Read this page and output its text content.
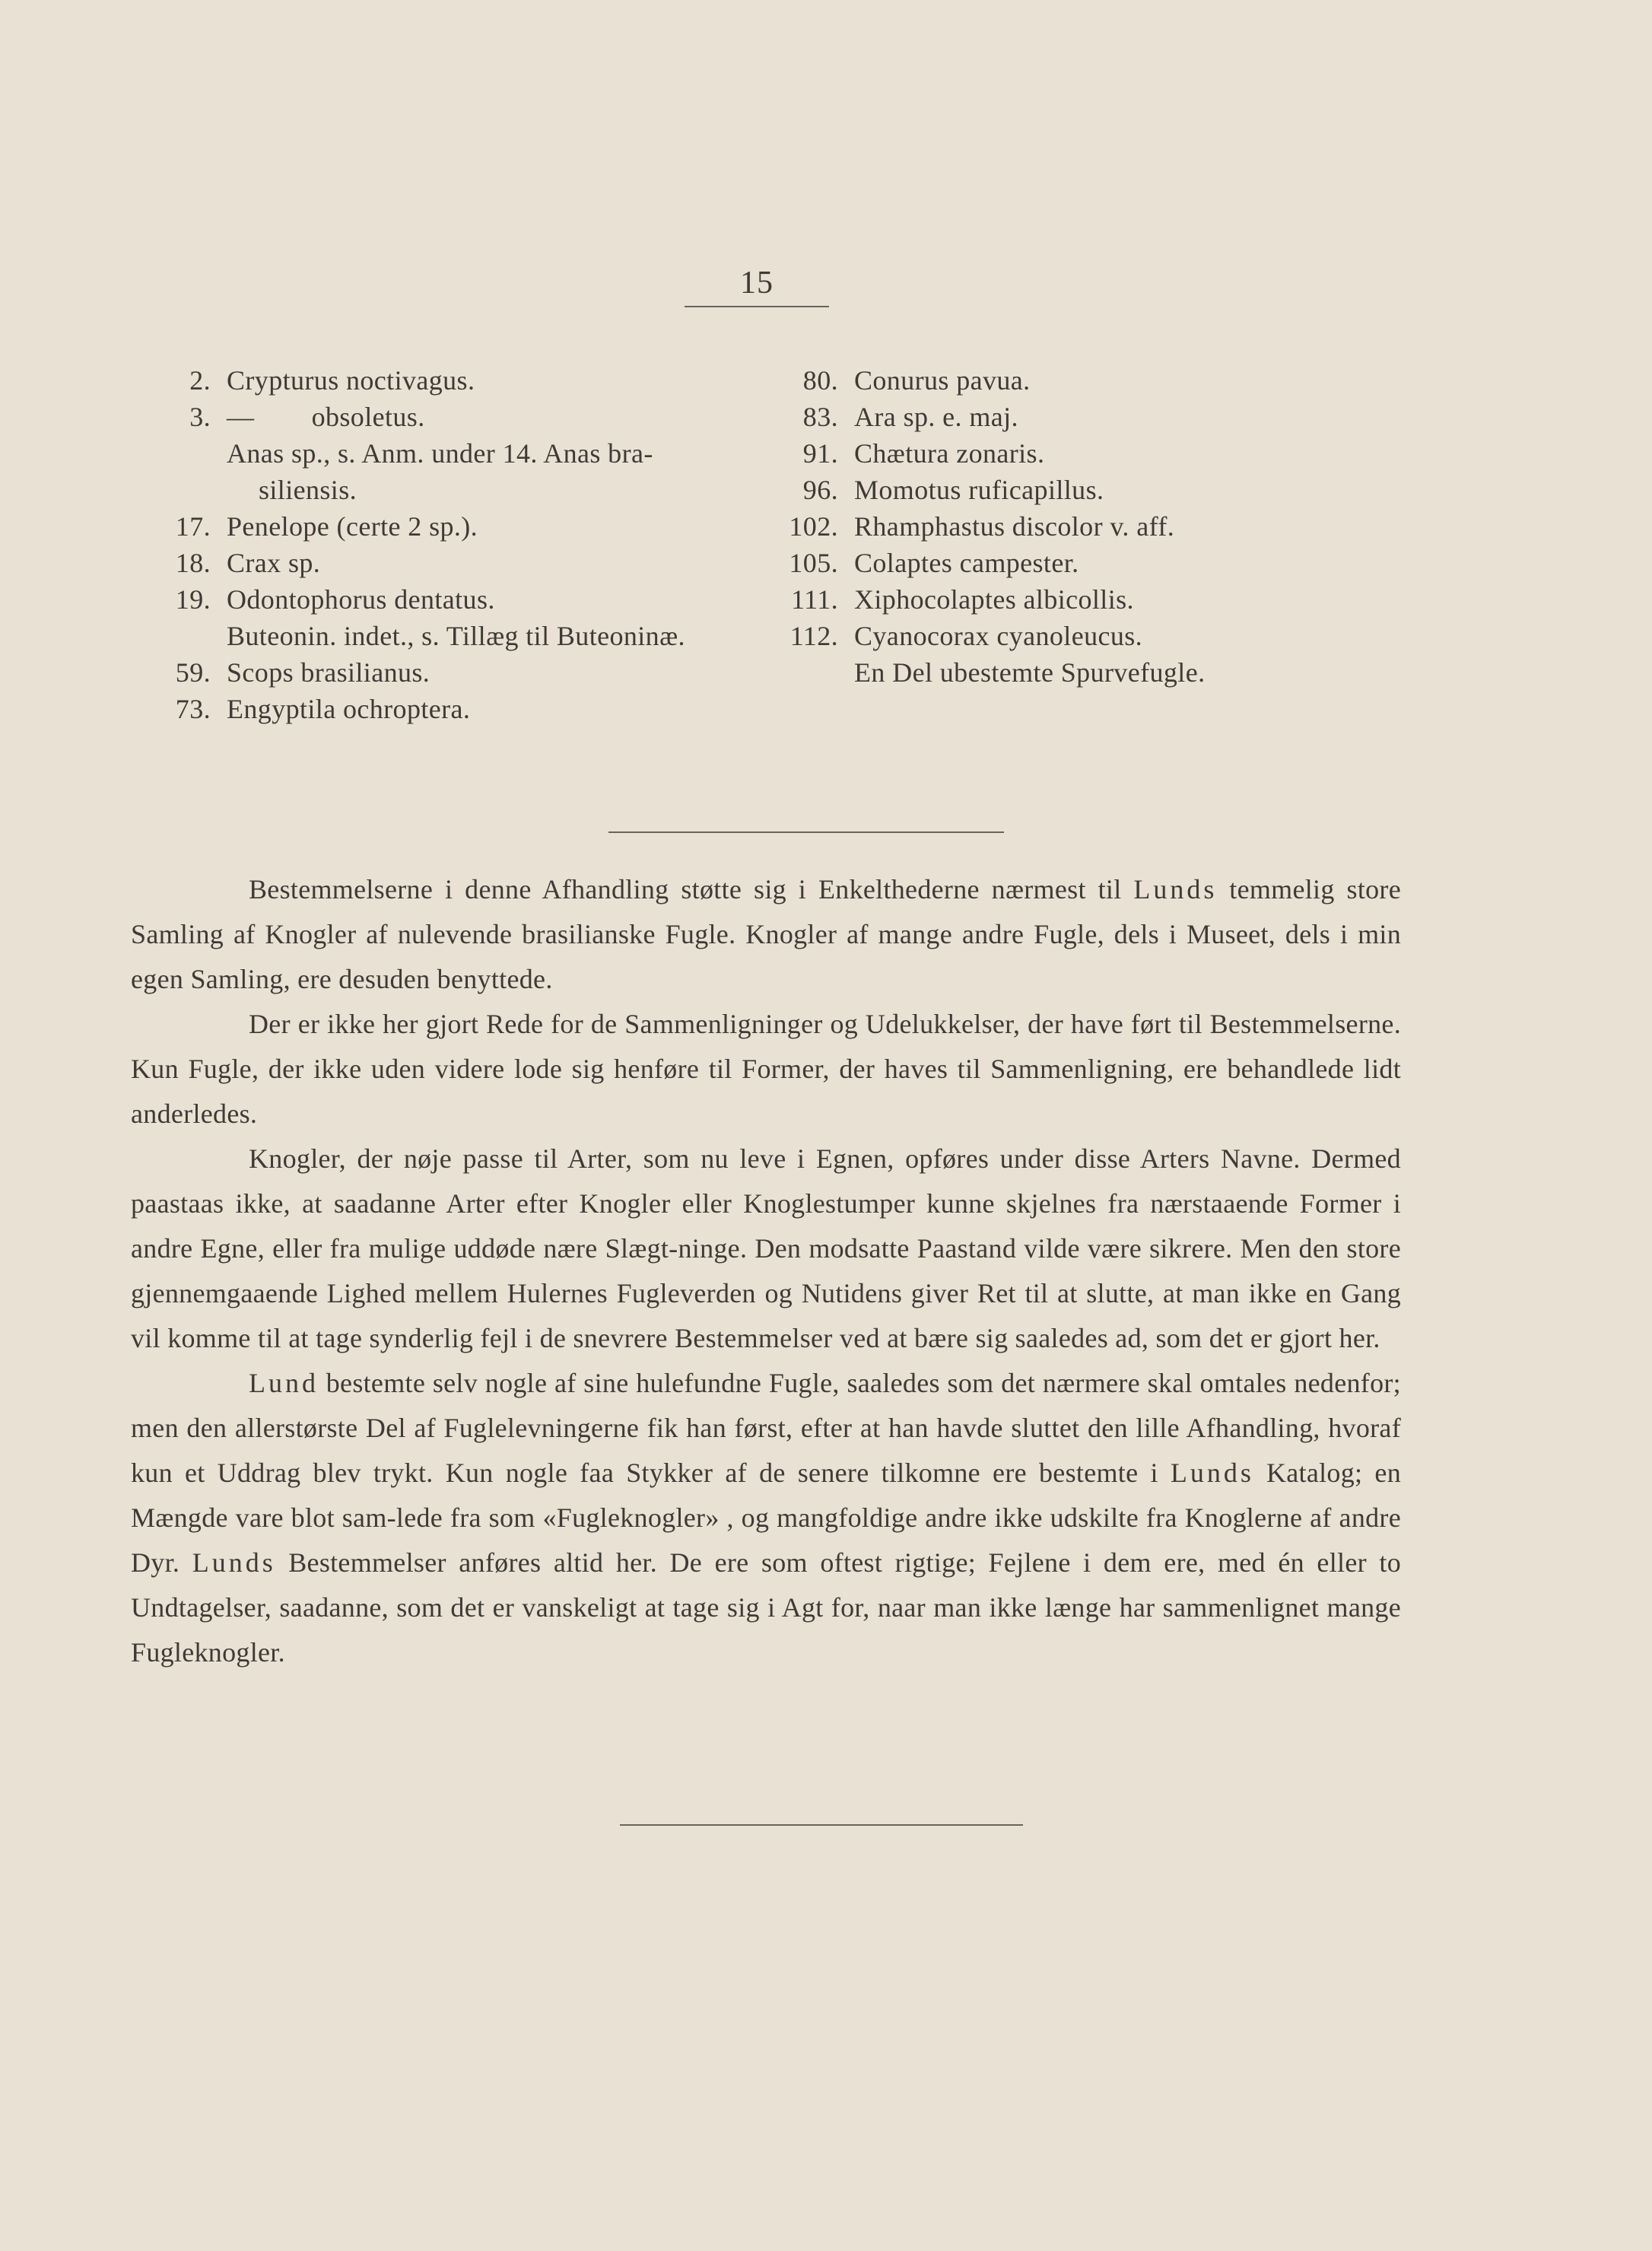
15
2. Crypturus noctivagus.
3. —        obsoletus.
Anas sp., s. Anm. under 14. Anas bra-
siliensis.
17. Penelope (certe 2 sp.).
18. Crax sp.
19. Odontophorus dentatus.
Buteonin. indet., s. Tillæg til Buteoninæ.
59. Scops brasilianus.
73. Engyptila ochroptera.
80. Conurus pavua.
83. Ara sp. e. maj.
91. Chætura zonaris.
96. Momotus ruficapillus.
102. Rhamphastus discolor v. aff.
105. Colaptes campester.
111. Xiphocolaptes albicollis.
112. Cyanocorax cyanoleucus.
En Del ubestemte Spurvefugle.

Bestemmelserne i denne Afhandling støtte sig i Enkelthederne nærmest til Lunds temmelig store Samling af Knogler af nulevende brasilianske Fugle. Knogler af mange andre Fugle, dels i Museet, dels i min egen Samling, ere desuden benyttede.

Der er ikke her gjort Rede for de Sammenligninger og Udelukkelser, der have ført til Bestemmelserne. Kun Fugle, der ikke uden videre lode sig henføre til Former, der haves til Sammenligning, ere behandlede lidt anderledes.

Knogler, der nøje passe til Arter, som nu leve i Egnen, opføres under disse Arters Navne. Dermed paastaas ikke, at saadanne Arter efter Knogler eller Knoglestumper kunne skjelnes fra nærstaaende Former i andre Egne, eller fra mulige uddøde nære Slægt-ninge. Den modsatte Paastand vilde være sikrere. Men den store gjennemgaaende Lighed mellem Hulernes Fugleverden og Nutidens giver Ret til at slutte, at man ikke en Gang vil komme til at tage synderlig fejl i de snevrere Bestemmelser ved at bære sig saaledes ad, som det er gjort her.

Lund bestemte selv nogle af sine hulefundne Fugle, saaledes som det nærmere skal omtales nedenfor; men den allerstørste Del af Fuglelevningerne fik han først, efter at han havde sluttet den lille Afhandling, hvoraf kun et Uddrag blev trykt. Kun nogle faa Stykker af de senere tilkomne ere bestemte i Lunds Katalog; en Mængde vare blot sam-lede fra som «Fugleknogler» , og mangfoldige andre ikke udskilte fra Knoglerne af andre Dyr. Lunds Bestemmelser anføres altid her. De ere som oftest rigtige; Fejlene i dem ere, med én eller to Undtagelser, saadanne, som det er vanskeligt at tage sig i Agt for, naar man ikke længe har sammenlignet mange Fugleknogler.
